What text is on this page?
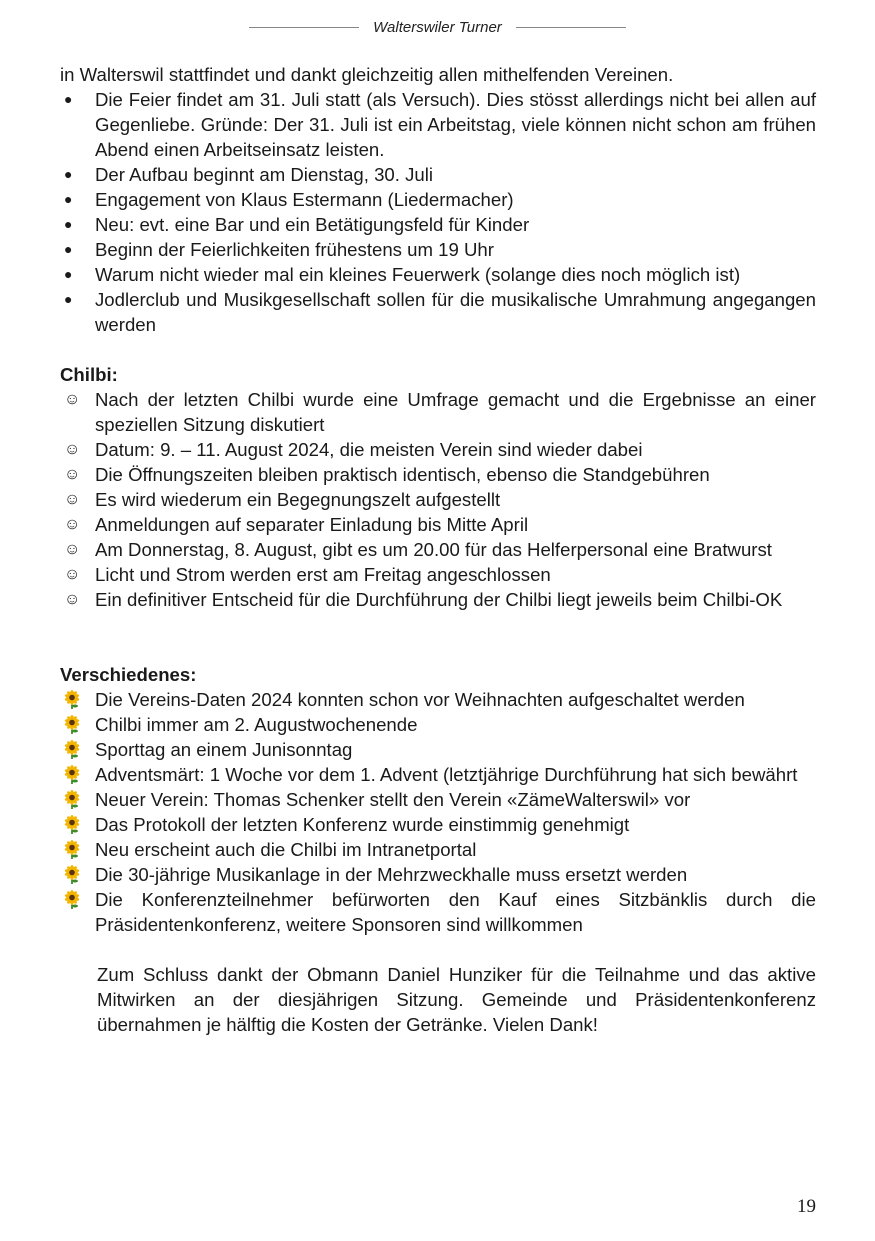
Walterswiler Turner

in Walterswil stattfindet und dankt gleichzeitig allen mithelfenden Vereinen.

●	Die Feier findet am 31. Juli statt (als Versuch). Dies stösst allerdings nicht bei allen auf Gegenliebe. Gründe: Der 31. Juli ist ein Arbeitstag, viele können nicht schon am frühen Abend einen Arbeitseinsatz leisten.
●	Der Aufbau beginnt am Dienstag, 30. Juli
●	Engagement von Klaus Estermann (Liedermacher)
●	Neu: evt. eine Bar und ein Betätigungsfeld für Kinder
●	Beginn der Feierlichkeiten frühestens um 19 Uhr
●	Warum nicht wieder mal ein kleines Feuerwerk (solange dies noch möglich ist)
●	Jodlerclub und Musikgesellschaft sollen für die musikalische Umrahmung angegangen werden

Chilbi:

☺ Nach der letzten Chilbi wurde eine Umfrage gemacht und die Ergebnisse an einer speziellen Sitzung diskutiert
☺ Datum: 9. – 11. August 2024, die meisten Verein sind wieder dabei
☺ Die Öffnungszeiten bleiben praktisch identisch, ebenso die Standgebühren
☺ Es wird wiederum ein Begegnungszelt aufgestellt
☺ Anmeldungen auf separater Einladung bis Mitte April
☺ Am Donnerstag, 8. August, gibt es um 20.00 für das Helferpersonal eine Bratwurst
☺ Licht und Strom werden erst am Freitag angeschlossen
☺ Ein definitiver Entscheid für die Durchführung der Chilbi liegt jeweils beim Chilbi-OK

Verschiedenes:

Die Vereins-Daten 2024 konnten schon vor Weihnachten aufgeschaltet werden
Chilbi immer am 2. Augustwochenende
Sporttag an einem Junisonntag
Adventsmärt: 1 Woche vor dem 1. Advent (letztjährige Durchführung hat sich bewährt
Neuer Verein: Thomas Schenker stellt den Verein «ZämeWalterswil» vor
Das Protokoll der letzten Konferenz wurde einstimmig genehmigt
Neu erscheint auch die Chilbi im Intranetportal
Die 30-jährige Musikanlage in der Mehrzweckhalle muss ersetzt werden
Die Konferenzteilnehmer befürworten den Kauf eines Sitzbänklis durch die Präsidentenkonferenz, weitere Sponsoren sind willkommen

Zum Schluss dankt der Obmann Daniel Hunziker für die Teilnahme und das aktive Mitwirken an der diesjährigen Sitzung. Gemeinde und Präsidentenkonferenz übernahmen je hälftig die Kosten der Getränke. Vielen Dank!

19
